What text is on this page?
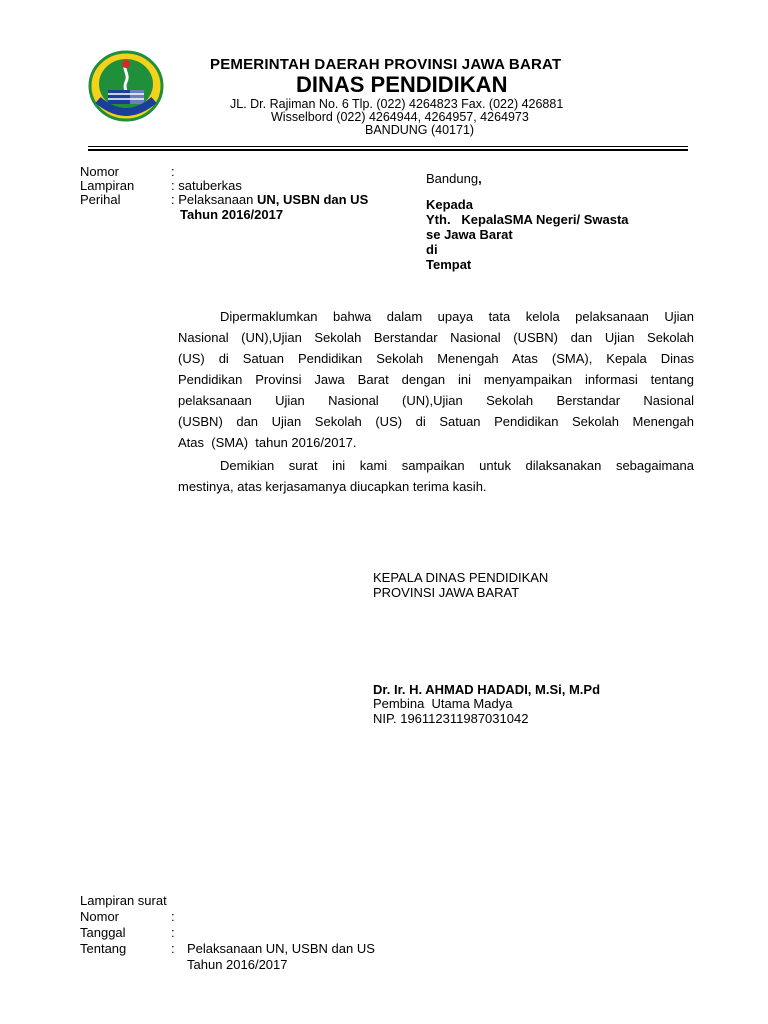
PEMERINTAH DAERAH PROVINSI JAWA BARAT
DINAS PENDIDIKAN
JL. Dr. Rajiman No. 6 Tlp. (022) 4264823 Fax. (022) 426881
Wisselbord (022) 4264944, 4264957, 4264973
BANDUNG (40171)
Nomor	:
Lampiran	: satuberkas
Perihal	: Pelaksanaan UN, USBN dan US
Tahun 2016/2017
Bandung,
Kepada
Yth.   KepalaSMA Negeri/ Swasta
se Jawa Barat
di
Tempat
Dipermaklumkan bahwa dalam upaya tata kelola pelaksanaan Ujian
Nasional (UN),Ujian Sekolah Berstandar Nasional (USBN) dan Ujian Sekolah
(US) di Satuan Pendidikan Sekolah Menengah Atas (SMA), Kepala Dinas
Pendidikan Provinsi Jawa Barat dengan ini menyampaikan informasi tentang
pelaksanaan Ujian Nasional (UN),Ujian Sekolah Berstandar Nasional
(USBN) dan Ujian Sekolah (US) di Satuan Pendidikan Sekolah Menengah
Atas  (SMA)  tahun 2016/2017.
Demikian surat ini kami sampaikan untuk dilaksanakan sebagaimana
mestinya, atas kerjasamanya diucapkan terima kasih.
KEPALA DINAS PENDIDIKAN
PROVINSI JAWA BARAT
Dr. Ir. H. AHMAD HADADI, M.Si, M.Pd
Pembina  Utama Madya
NIP. 196112311987031042
Lampiran surat
Nomor	:
Tanggal	:
Tentang	: Pelaksanaan UN, USBN dan US
Tahun 2016/2017
